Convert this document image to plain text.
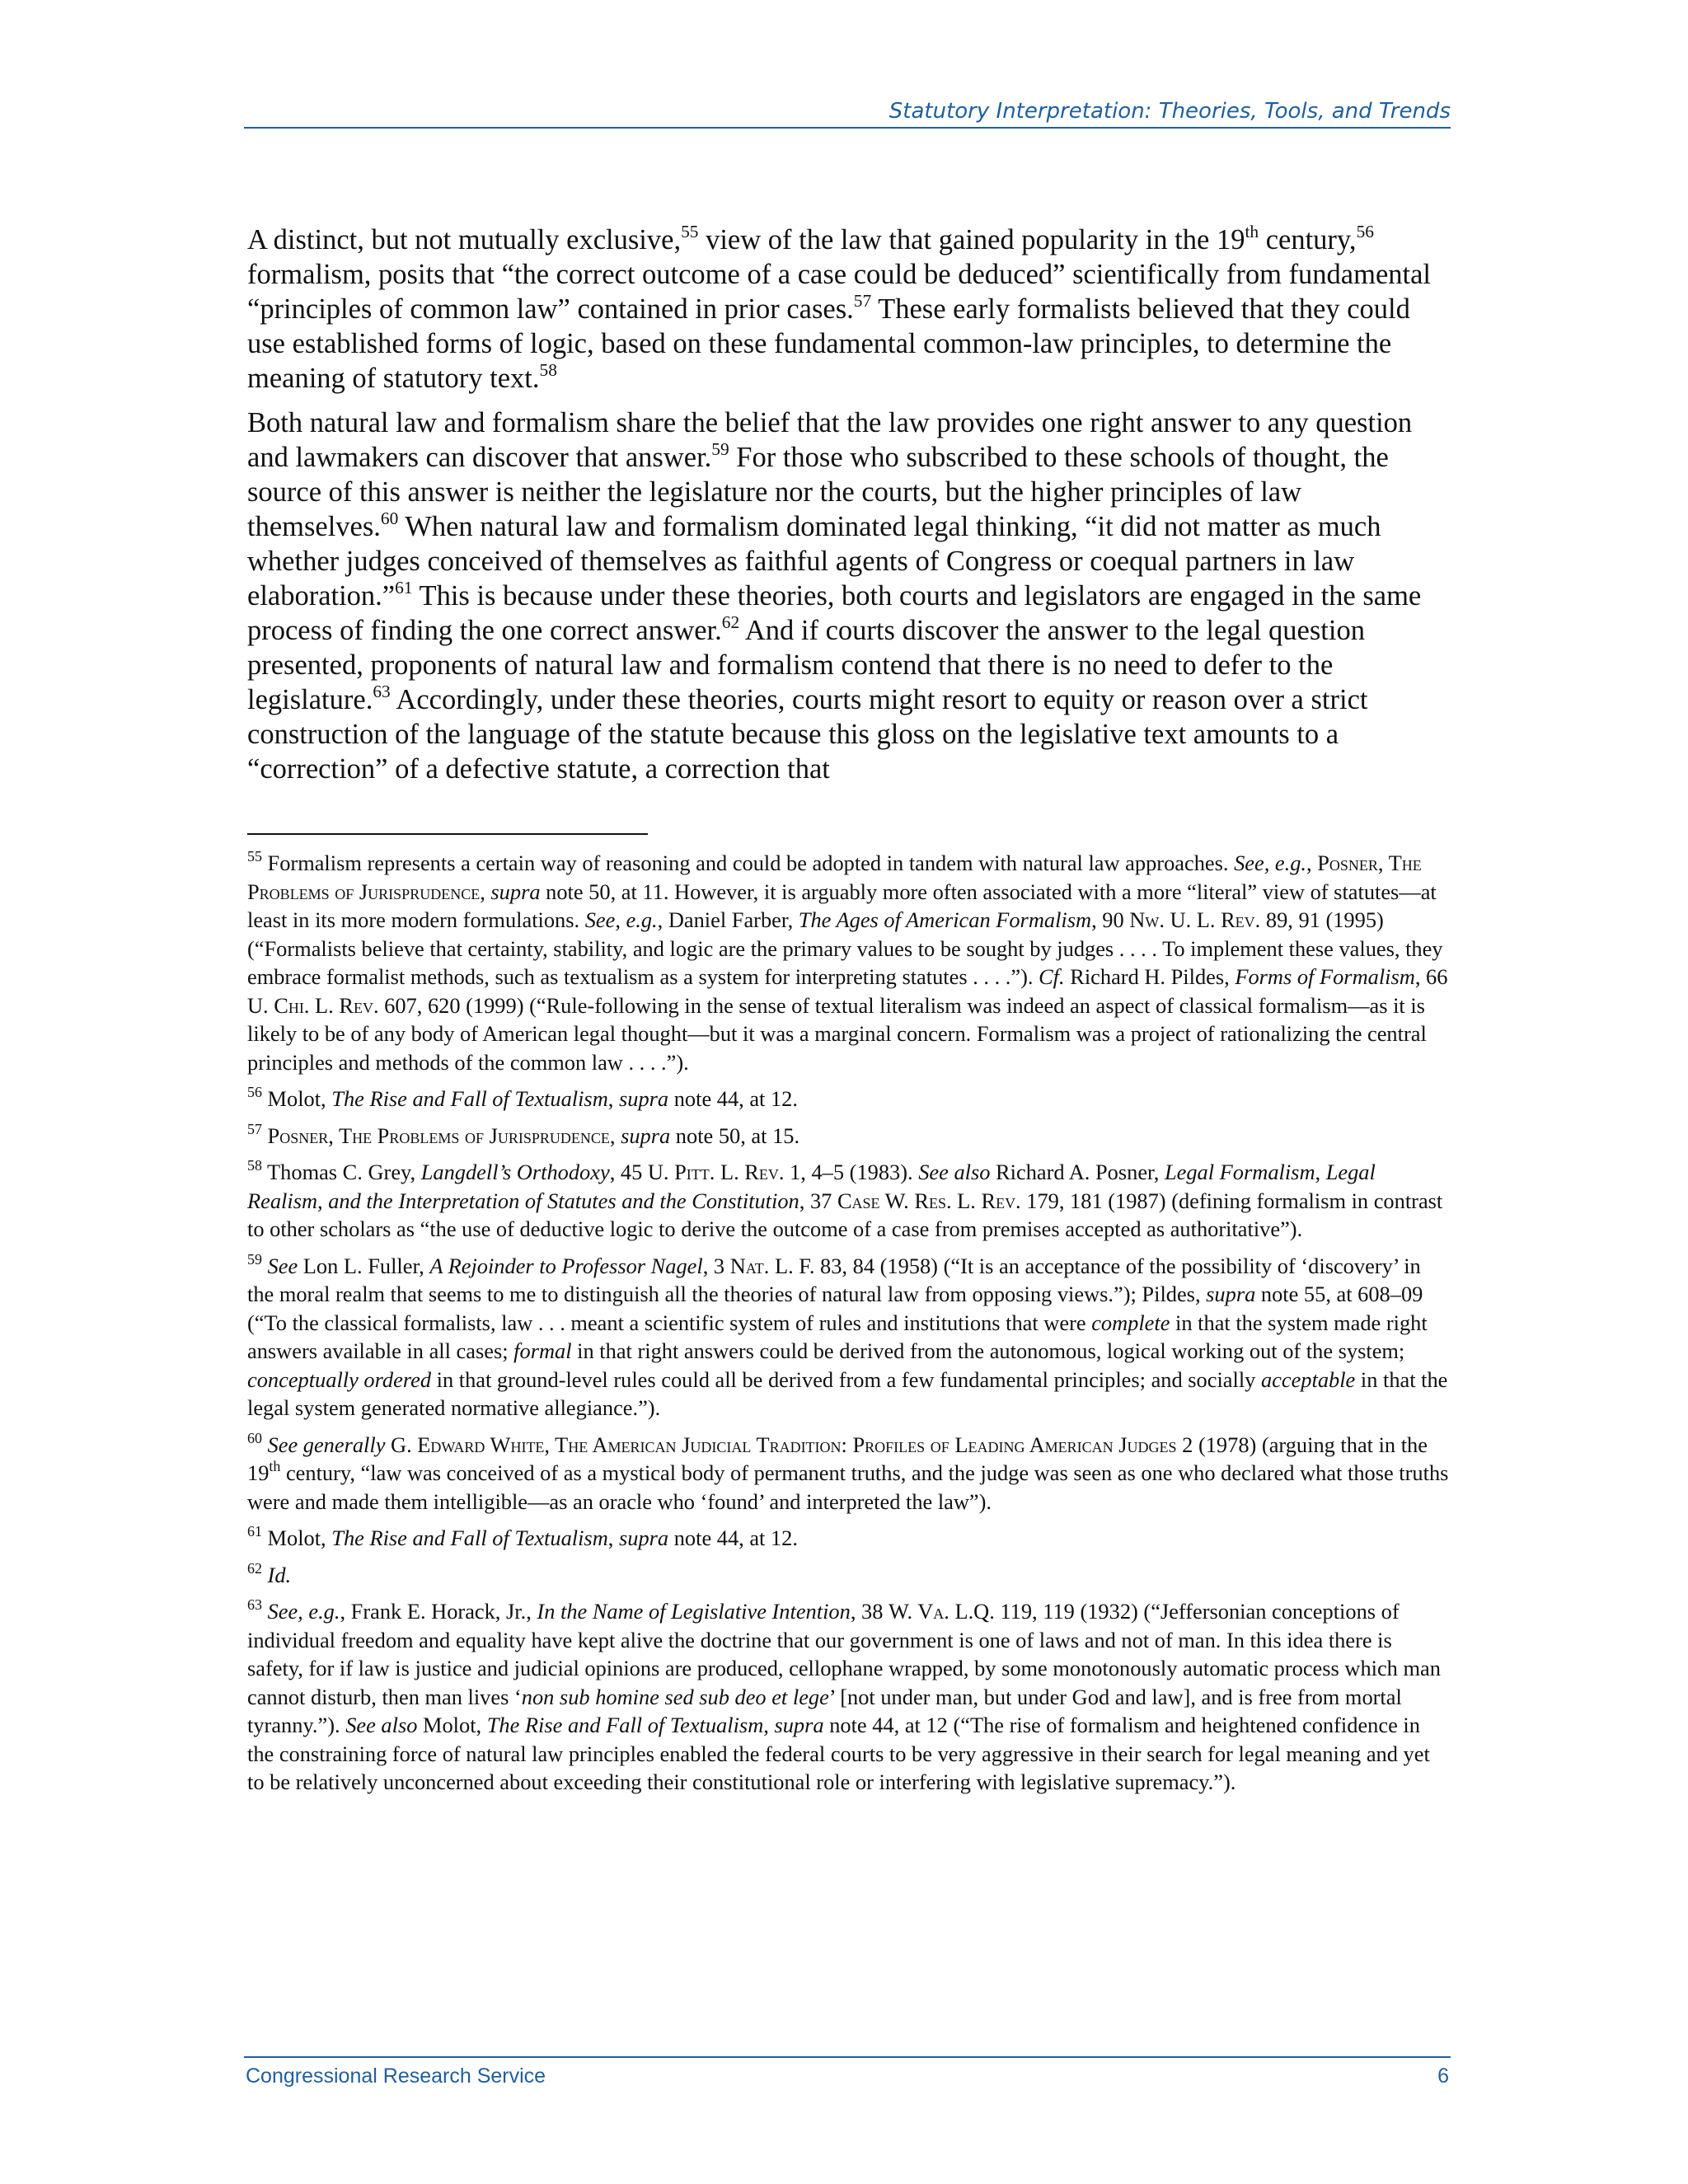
Statutory Interpretation: Theories, Tools, and Trends

A distinct, but not mutually exclusive,$^{55}$ view of the law that gained popularity in the 19th century,$^{56}$ formalism, posits that “the correct outcome of a case could be deduced” scientifically from fundamental “principles of common law” contained in prior cases.$^{57}$ These early formalists believed that they could use established forms of logic, based on these fundamental common-law principles, to determine the meaning of statutory text.$^{58}$

Both natural law and formalism share the belief that the law provides one right answer to any question and lawmakers can discover that answer.$^{59}$ For those who subscribed to these schools of thought, the source of this answer is neither the legislature nor the courts, but the higher principles of law themselves.$^{60}$ When natural law and formalism dominated legal thinking, “it did not matter as much whether judges conceived of themselves as faithful agents of Congress or coequal partners in law elaboration.”$^{61}$ This is because under these theories, both courts and legislators are engaged in the same process of finding the one correct answer.$^{62}$ And if courts discover the answer to the legal question presented, proponents of natural law and formalism contend that there is no need to defer to the legislature.$^{63}$ Accordingly, under these theories, courts might resort to equity or reason over a strict construction of the language of the statute because this gloss on the legislative text amounts to a “correction” of a defective statute, a correction that

$^{55}$ Formalism represents a certain way of reasoning and could be adopted in tandem with natural law approaches. See, e.g., Posner, The Problems of Jurisprudence, supra note 50, at 11. However, it is arguably more often associated with a more “literal” view of statutes—at least in its more modern formulations. See, e.g., Daniel Farber, The Ages of American Formalism, 90 Nw. U. L. Rev. 89, 91 (1995) (“Formalists believe that certainty, stability, and logic are the primary values to be sought by judges . . . . To implement these values, they embrace formalist methods, such as textualism as a system for interpreting statutes . . . .”). Cf. Richard H. Pildes, Forms of Formalism, 66 U. Chi. L. Rev. 607, 620 (1999) (“Rule-following in the sense of textual literalism was indeed an aspect of classical formalism—as it is likely to be of any body of American legal thought—but it was a marginal concern. Formalism was a project of rationalizing the central principles and methods of the common law . . . .”).

$^{56}$ Molot, The Rise and Fall of Textualism, supra note 44, at 12.

$^{57}$ Posner, The Problems of Jurisprudence, supra note 50, at 15.

$^{58}$ Thomas C. Grey, Langdell’s Orthodoxy, 45 U. Pitt. L. Rev. 1, 4–5 (1983). See also Richard A. Posner, Legal Formalism, Legal Realism, and the Interpretation of Statutes and the Constitution, 37 Case W. Res. L. Rev. 179, 181 (1987) (defining formalism in contrast to other scholars as “the use of deductive logic to derive the outcome of a case from premises accepted as authoritative”).

$^{59}$ See Lon L. Fuller, A Rejoinder to Professor Nagel, 3 Nat. L. F. 83, 84 (1958) (“It is an acceptance of the possibility of ‘discovery’ in the moral realm that seems to me to distinguish all the theories of natural law from opposing views.”); Pildes, supra note 55, at 608–09 (“To the classical formalists, law . . . meant a scientific system of rules and institutions that were complete in that the system made right answers available in all cases; formal in that right answers could be derived from the autonomous, logical working out of the system; conceptually ordered in that ground-level rules could all be derived from a few fundamental principles; and socially acceptable in that the legal system generated normative allegiance.”).

$^{60}$ See generally G. Edward White, The American Judicial Tradition: Profiles of Leading American Judges 2 (1978) (arguing that in the 19th century, “law was conceived of as a mystical body of permanent truths, and the judge was seen as one who declared what those truths were and made them intelligible—as an oracle who ‘found’ and interpreted the law”).

$^{61}$ Molot, The Rise and Fall of Textualism, supra note 44, at 12.

$^{62}$ Id.

$^{63}$ See, e.g., Frank E. Horack, Jr., In the Name of Legislative Intention, 38 W. Va. L.Q. 119, 119 (1932) (“Jeffersonian conceptions of individual freedom and equality have kept alive the doctrine that our government is one of laws and not of man. In this idea there is safety, for if law is justice and judicial opinions are produced, cellophane wrapped, by some monotonously automatic process which man cannot disturb, then man lives ‘non sub homine sed sub deo et lege’ [not under man, but under God and law], and is free from mortal tyranny.”). See also Molot, The Rise and Fall of Textualism, supra note 44, at 12 (“The rise of formalism and heightened confidence in the constraining force of natural law principles enabled the federal courts to be very aggressive in their search for legal meaning and yet to be relatively unconcerned about exceeding their constitutional role or interfering with legislative supremacy.”).

Congressional Research Service	6
